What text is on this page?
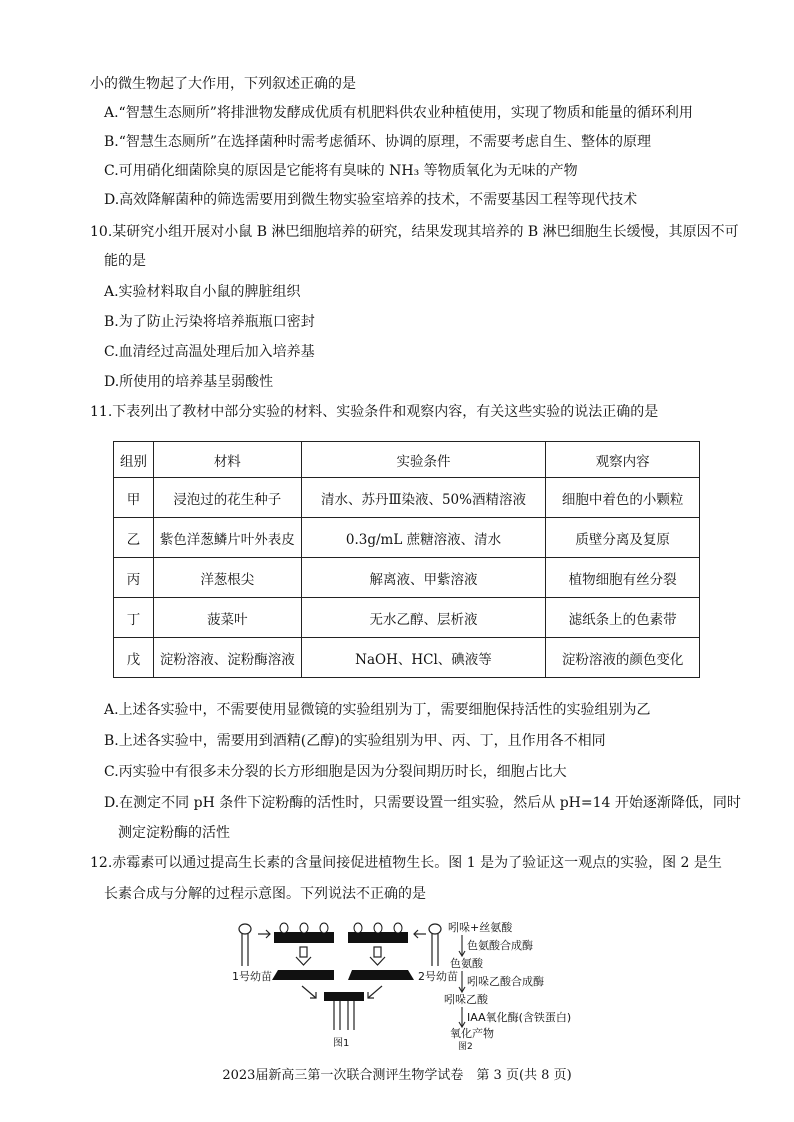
小的微生物起了大作用，下列叙述正确的是
A.“智慧生态厕所”将排泄物发酵成优质有机肥料供农业种植使用，实现了物质和能量的循环利用
B.“智慧生态厕所”在选择菌种时需考虑循环、协调的原理，不需要考虑自生、整体的原理
C.可用硝化细菌除臭的原因是它能将有臭味的 NH₃ 等物质氧化为无味的产物
D.高效降解菌种的筛选需要用到微生物实验室培养的技术，不需要基因工程等现代技术
10.某研究小组开展对小鼠 B 淋巴细胞培养的研究，结果发现其培养的 B 淋巴细胞生长缓慢，其原因不可
能的是
A.实验材料取自小鼠的脾脏组织
B.为了防止污染将培养瓶瓶口密封
C.血清经过高温处理后加入培养基
D.所使用的培养基呈弱酸性
11.下表列出了教材中部分实验的材料、实验条件和观察内容，有关这些实验的说法正确的是
组别	材料	实验条件	观察内容
甲	浸泡过的花生种子	清水、苏丹Ⅲ染液、50%酒精溶液	细胞中着色的小颗粒
乙	紫色洋葱鳞片叶外表皮	0.3g/mL 蔗糖溶液、清水	质壁分离及复原
丙	洋葱根尖	解离液、甲紫溶液	植物细胞有丝分裂
丁	菠菜叶	无水乙醇、层析液	滤纸条上的色素带
戊	淀粉溶液、淀粉酶溶液	NaOH、HCl、碘液等	淀粉溶液的颜色变化
A.上述各实验中，不需要使用显微镜的实验组别为丁，需要细胞保持活性的实验组别为乙
B.上述各实验中，需要用到酒精(乙醇)的实验组别为甲、丙、丁，且作用各不相同
C.丙实验中有很多未分裂的长方形细胞是因为分裂间期历时长，细胞占比大
D.在测定不同 pH 条件下淀粉酶的活性时，只需要设置一组实验，然后从 pH=14 开始逐渐降低，同时
测定淀粉酶的活性
12.赤霉素可以通过提高生长素的含量间接促进植物生长。图 1 是为了验证这一观点的实验，图 2 是生
长素合成与分解的过程示意图。下列说法不正确的是
1号幼苗	2号幼苗
图1
吲哚+丝氨酸
色氨酸合成酶
色氨酸
吲哚乙酸合成酶
吲哚乙酸
IAA氧化酶(含铁蛋白)
氧化产物
图2
2023届新高三第一次联合测评生物学试卷　第 3 页(共 8 页)
